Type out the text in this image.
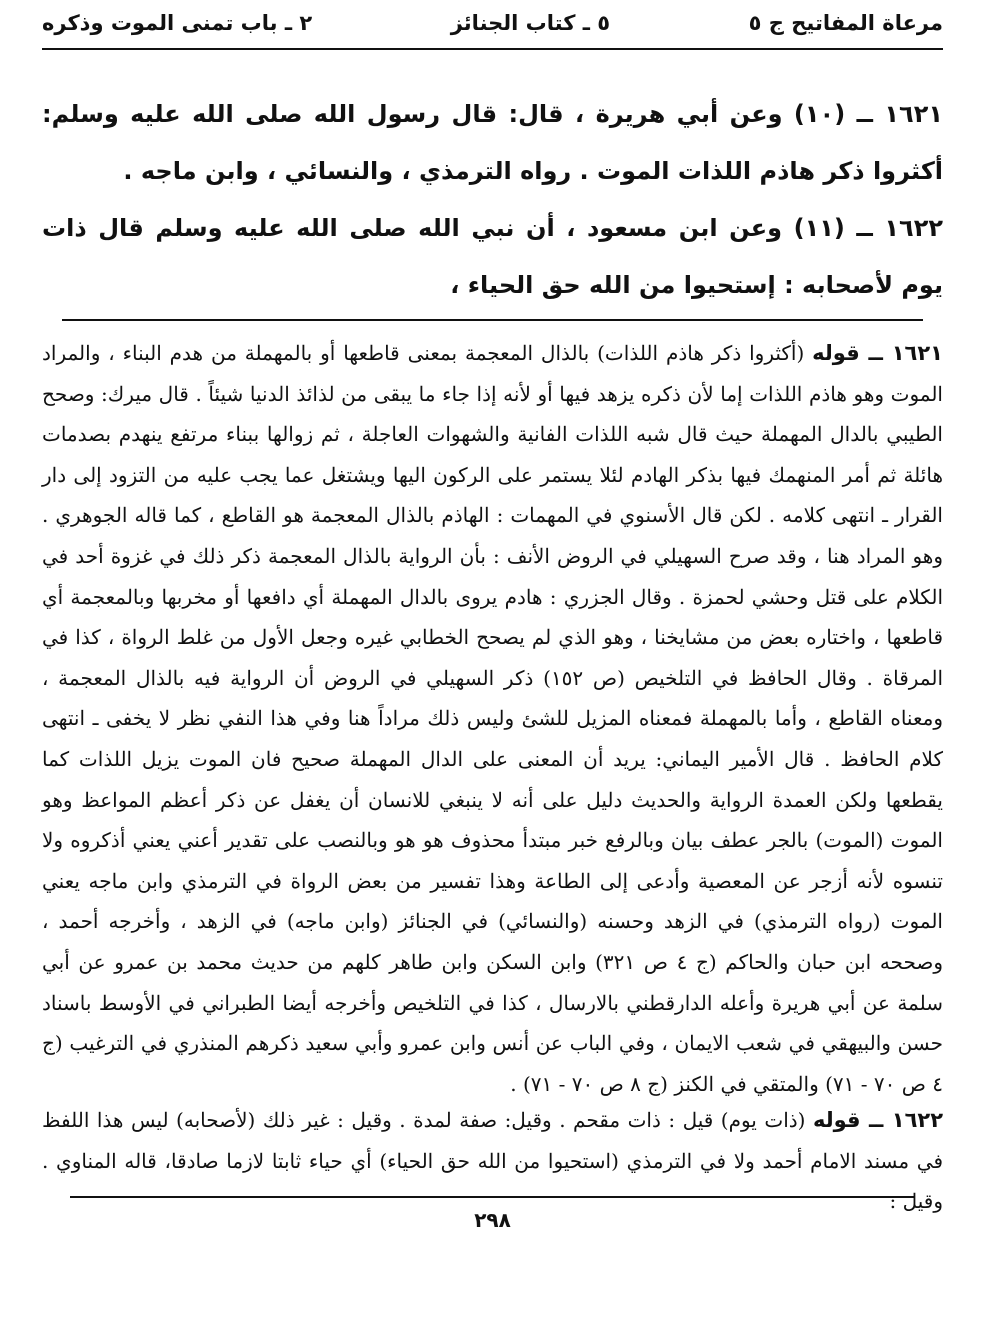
مرعاة المفاتيح ج ٥
٥ ـ كتاب الجنائز
٢ ـ باب تمنى الموت وذكره
١٦٢١ ــ (١٠) وعن أبي هريرة ، قال: قال رسول الله صلى الله عليه وسلم: أكثروا ذكر هاذم اللذات الموت . رواه الترمذي ، والنسائي ، وابن ماجه .
١٦٢٢ ــ (١١) وعن ابن مسعود ، أن نبي الله صلى الله عليه وسلم قال ذات يوم لأصحابه : إستحيوا من الله حق الحياء ،
١٦٢١ ــ قوله (أكثروا ذكر هاذم اللذات) بالذال المعجمة بمعنى قاطعها أو بالمهملة من هدم البناء ، والمراد الموت وهو هاذم اللذات إما لأن ذكره يزهد فيها أو لأنه إذا جاء ما يبقى من لذائذ الدنيا شيئاً . قال ميرك: وصحح الطيبي بالدال المهملة حيث قال شبه اللذات الفانية والشهوات العاجلة ، ثم زوالها ببناء مرتفع ينهدم بصدمات هائلة ثم أمر المنهمك فيها بذكر الهادم لئلا يستمر على الركون اليها ويشتغل عما يجب عليه من التزود إلى دار القرار ـ انتهى كلامه . لكن قال الأسنوي في المهمات : الهاذم بالذال المعجمة هو القاطع ، كما قاله الجوهري . وهو المراد هنا ، وقد صرح السهيلي في الروض الأنف : بأن الرواية بالذال المعجمة ذكر ذلك في غزوة أحد في الكلام على قتل وحشي لحمزة . وقال الجزري : هادم يروى بالدال المهملة أي دافعها أو مخربها وبالمعجمة أي قاطعها ، واختاره بعض من مشايخنا ، وهو الذي لم يصحح الخطابي غيره وجعل الأول من غلط الرواة ، كذا في المرقاة . وقال الحافظ في التلخيص (ص ١٥٢) ذكر السهيلي في الروض أن الرواية فيه بالذال المعجمة ، ومعناه القاطع ، وأما بالمهملة فمعناه المزيل للشئ وليس ذلك مراداً هنا وفي هذا النفي نظر لا يخفى ـ انتهى كلام الحافظ . قال الأمير اليماني: يريد أن المعنى على الدال المهملة صحيح فان الموت يزيل اللذات كما يقطعها ولكن العمدة الرواية والحديث دليل على أنه لا ينبغي للانسان أن يغفل عن ذكر أعظم المواعظ وهو الموت (الموت) بالجر عطف بيان وبالرفع خبر مبتدأ محذوف هو هو وبالنصب على تقدير أعني يعني أذكروه ولا تنسوه لأنه أزجر عن المعصية وأدعى إلى الطاعة وهذا تفسير من بعض الرواة في الترمذي وابن ماجه يعني الموت (رواه الترمذي) في الزهد وحسنه (والنسائي) في الجنائز (وابن ماجه) في الزهد ، وأخرجه أحمد ، وصححه ابن حبان والحاكم (ج ٤ ص ٣٢١) وابن السكن وابن طاهر كلهم من حديث محمد بن عمرو عن أبي سلمة عن أبي هريرة وأعله الدارقطني بالارسال ، كذا في التلخيص وأخرجه أيضا الطبراني في الأوسط باسناد حسن والبيهقي في شعب الايمان ، وفي الباب عن أنس وابن عمرو وأبي سعيد ذكرهم المنذري في الترغيب (ج ٤ ص ٧٠ - ٧١) والمتقي في الكنز (ج ٨ ص ٧٠ - ٧١) .
١٦٢٢ ــ قوله (ذات يوم) قيل : ذات مقحم . وقيل: صفة لمدة . وقيل : غير ذلك (لأصحابه) ليس هذا اللفظ في مسند الامام أحمد ولا في الترمذي (استحيوا من الله حق الحياء) أي حياء ثابتا لازما صادقا، قاله المناوي . وقيل :
٢٩٨
